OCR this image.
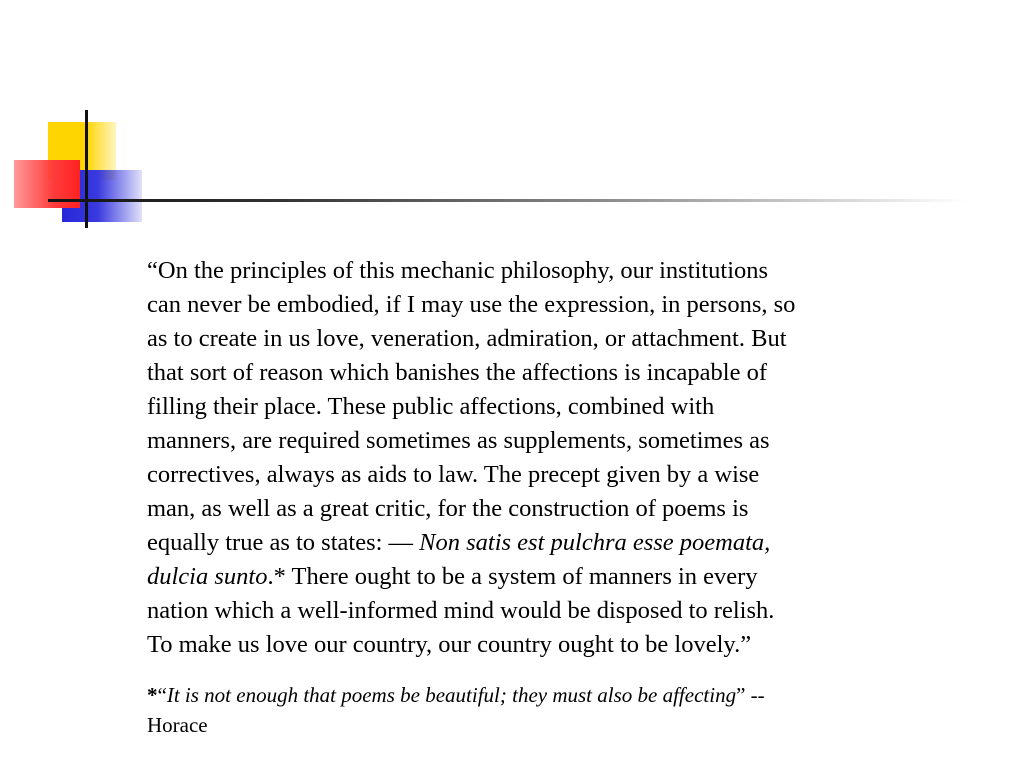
“On the principles of this mechanic philosophy, our institutions
can never be embodied, if I may use the expression, in persons, so
as to create in us love, veneration, admiration, or attachment. But
that sort of reason which banishes the affections is incapable of
filling their place. These public affections, combined with
manners, are required sometimes as supplements, sometimes as
correctives, always as aids to law. The precept given by a wise
man, as well as a great critic, for the construction of poems is
equally true as to states: — Non satis est pulchra esse poemata,
dulcia sunto.* There ought to be a system of manners in every
nation which a well-informed mind would be disposed to relish.
To make us love our country, our country ought to be lovely.”

*“It is not enough that poems be beautiful; they must also be affecting” --
Horace
